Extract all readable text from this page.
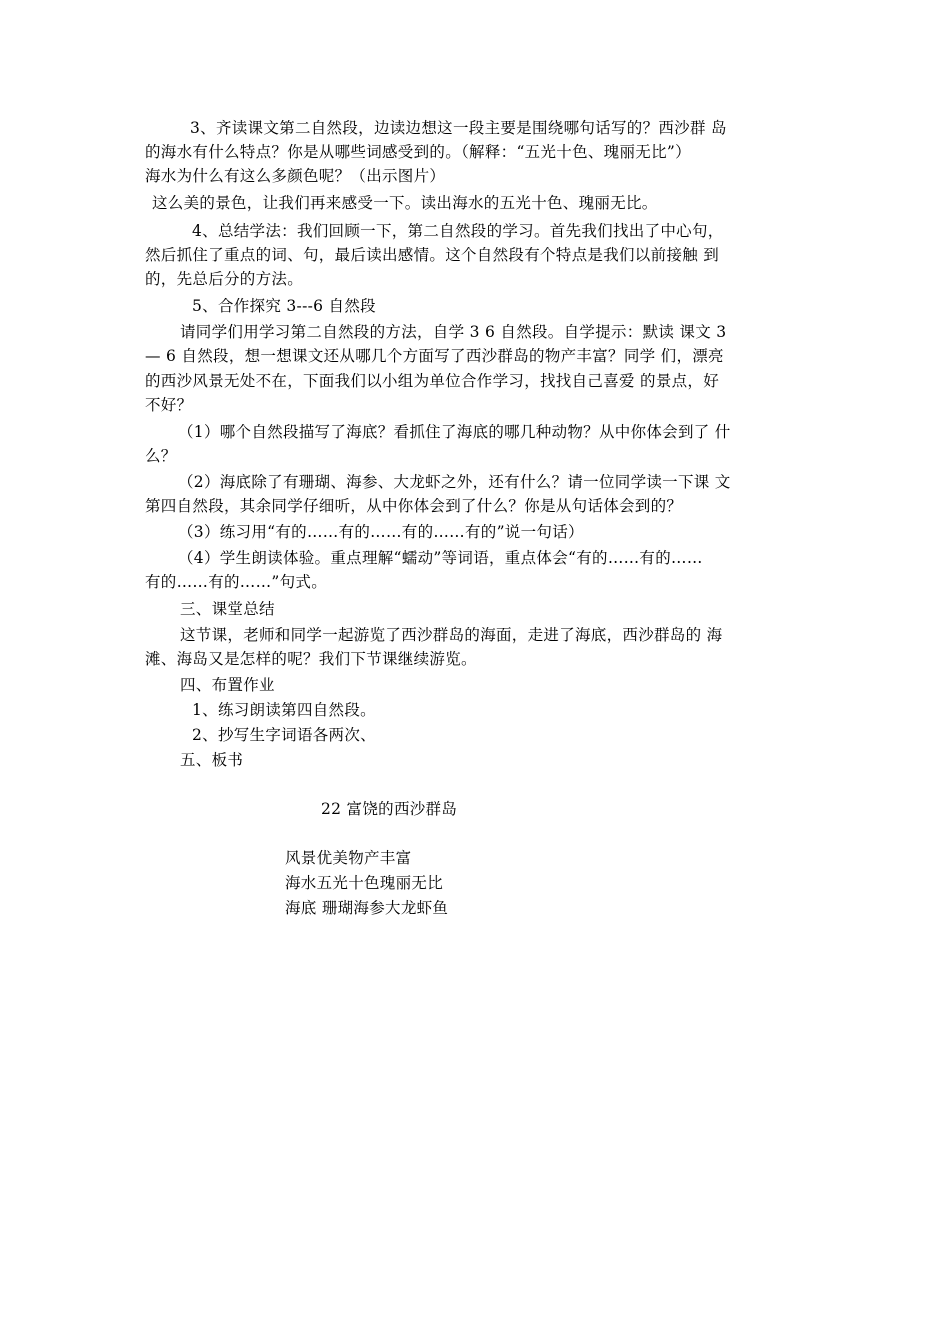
3、齐读课文第二自然段，边读边想这一段主要是围绕哪句话写的？西沙群 岛
的海水有什么特点？你是从哪些词感受到的。（解释：“五光十色、瑰丽无比”）
海水为什么有这么多颜色呢？（出示图片）
这么美的景色，让我们再来感受一下。读出海水的五光十色、瑰丽无比。
4、总结学法：我们回顾一下，第二自然段的学习。首先我们找出了中心句，
然后抓住了重点的词、句，最后读出感情。这个自然段有个特点是我们以前接触 到
的，先总后分的方法。
5、合作探究 3---6 自然段
请同学们用学习第二自然段的方法，自学 3 6 自然段。自学提示：默读 课文 3
— 6 自然段，想一想课文还从哪几个方面写了西沙群岛的物产丰富？同学 们，漂亮
的西沙风景无处不在，下面我们以小组为单位合作学习，找找自己喜爱 的景点，好
不好？
（1）哪个自然段描写了海底？看抓住了海底的哪几种动物？从中你体会到了 什
么？
（2）海底除了有珊瑚、海参、大龙虾之外，还有什么？请一位同学读一下课 文
第四自然段，其余同学仔细听，从中你体会到了什么？你是从句话体会到的？
（3）练习用“有的……有的……有的……有的”说一句话）
（4）学生朗读体验。重点理解“蠕动”等词语，重点体会“有的……有的……
有的……有的……”句式。
三、课堂总结
这节课，老师和同学一起游览了西沙群岛的海面，走进了海底，西沙群岛的 海
滩、海岛又是怎样的呢？我们下节课继续游览。
四、布置作业
1、练习朗读第四自然段。
2、抄写生字词语各两次、
五、板书
22 富饶的西沙群岛
风景优美物产丰富
海水五光十色瑰丽无比
海底 珊瑚海参大龙虾鱼
